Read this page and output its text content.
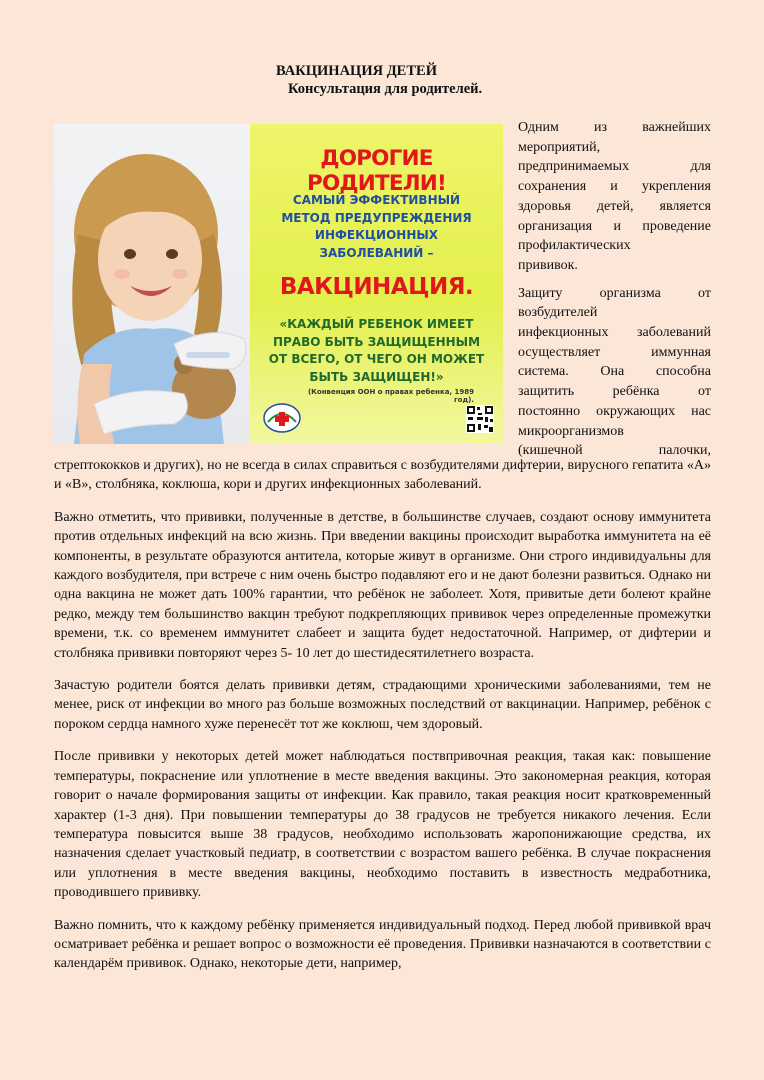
ВАКЦИНАЦИЯ ДЕТЕЙ
Консультация для родителей.
ДОРОГИЕ РОДИТЕЛИ!
САМЫЙ ЭФФЕКТИВНЫЙ МЕТОД ПРЕДУПРЕЖДЕНИЯ ИНФЕКЦИОННЫХ ЗАБОЛЕВАНИЙ –
ВАКЦИНАЦИЯ.
«КАЖДЫЙ РЕБЕНОК ИМЕЕТ ПРАВО БЫТЬ ЗАЩИЩЕННЫМ ОТ ВСЕГО, ОТ ЧЕГО ОН МОЖЕТ БЫТЬ ЗАЩИЩЕН!»
(Конвенция ООН о правах ребенка, 1989 год).

Одним из важнейших
мероприятий,
предпринимаемых для
сохранения и укрепления
здоровья детей, является
организация и проведение
профилактических
прививок.

Защиту организма от
возбудителей
инфекционных заболеваний
осуществляет иммунная
система. Она способна
защитить ребёнка от
постоянно окружающих нас
микроорганизмов
(кишечной палочки,

стрептококков и других), но не всегда в силах справиться с возбудителями дифтерии, вирусного гепатита «А» и «В», столбняка, коклюша, кори и других инфекционных заболеваний.

Важно отметить, что прививки, полученные в детстве, в большинстве случаев, создают основу иммунитета против отдельных инфекций на всю жизнь. При введении вакцины происходит выработка иммунитета на её компоненты, в результате образуются антитела, которые живут в организме. Они строго индивидуальны для каждого возбудителя, при встрече с ним очень быстро подавляют его и не дают болезни развиться. Однако ни одна вакцина не может дать 100% гарантии, что ребёнок не заболеет. Хотя, привитые дети болеют крайне редко, между тем большинство вакцин требуют подкрепляющих прививок через определенные промежутки времени, т.к. со временем иммунитет слабеет и защита будет недостаточной. Например, от дифтерии и столбняка прививки повторяют через 5- 10 лет до шестидесятилетнего возраста.

Зачастую родители боятся делать прививки детям, страдающими хроническими заболеваниями, тем не менее, риск от инфекции во много раз больше возможных последствий от вакцинации. Например, ребёнок с пороком сердца намного хуже перенесёт тот же коклюш, чем здоровый.

После прививки у некоторых детей может наблюдаться поствпривочная реакция, такая как: повышение температуры, покраснение или уплотнение в месте введения вакцины. Это закономерная реакция, которая говорит о начале формирования защиты от инфекции. Как правило, такая реакция носит кратковременный характер (1-3 дня). При повышении температуры до 38 градусов не требуется никакого лечения. Если температура повысится выше 38 градусов, необходимо использовать жаропонижающие средства, их назначения сделает участковый педиатр, в соответствии с возрастом вашего ребёнка. В случае покраснения или уплотнения в месте введения вакцины, необходимо поставить в известность медработника, проводившего прививку.

Важно помнить, что к каждому ребёнку применяется индивидуальный подход. Перед любой прививкой врач осматривает ребёнка и решает вопрос о возможности её проведения. Прививки назначаются в соответствии с календарём прививок. Однако, некоторые дети, например,
